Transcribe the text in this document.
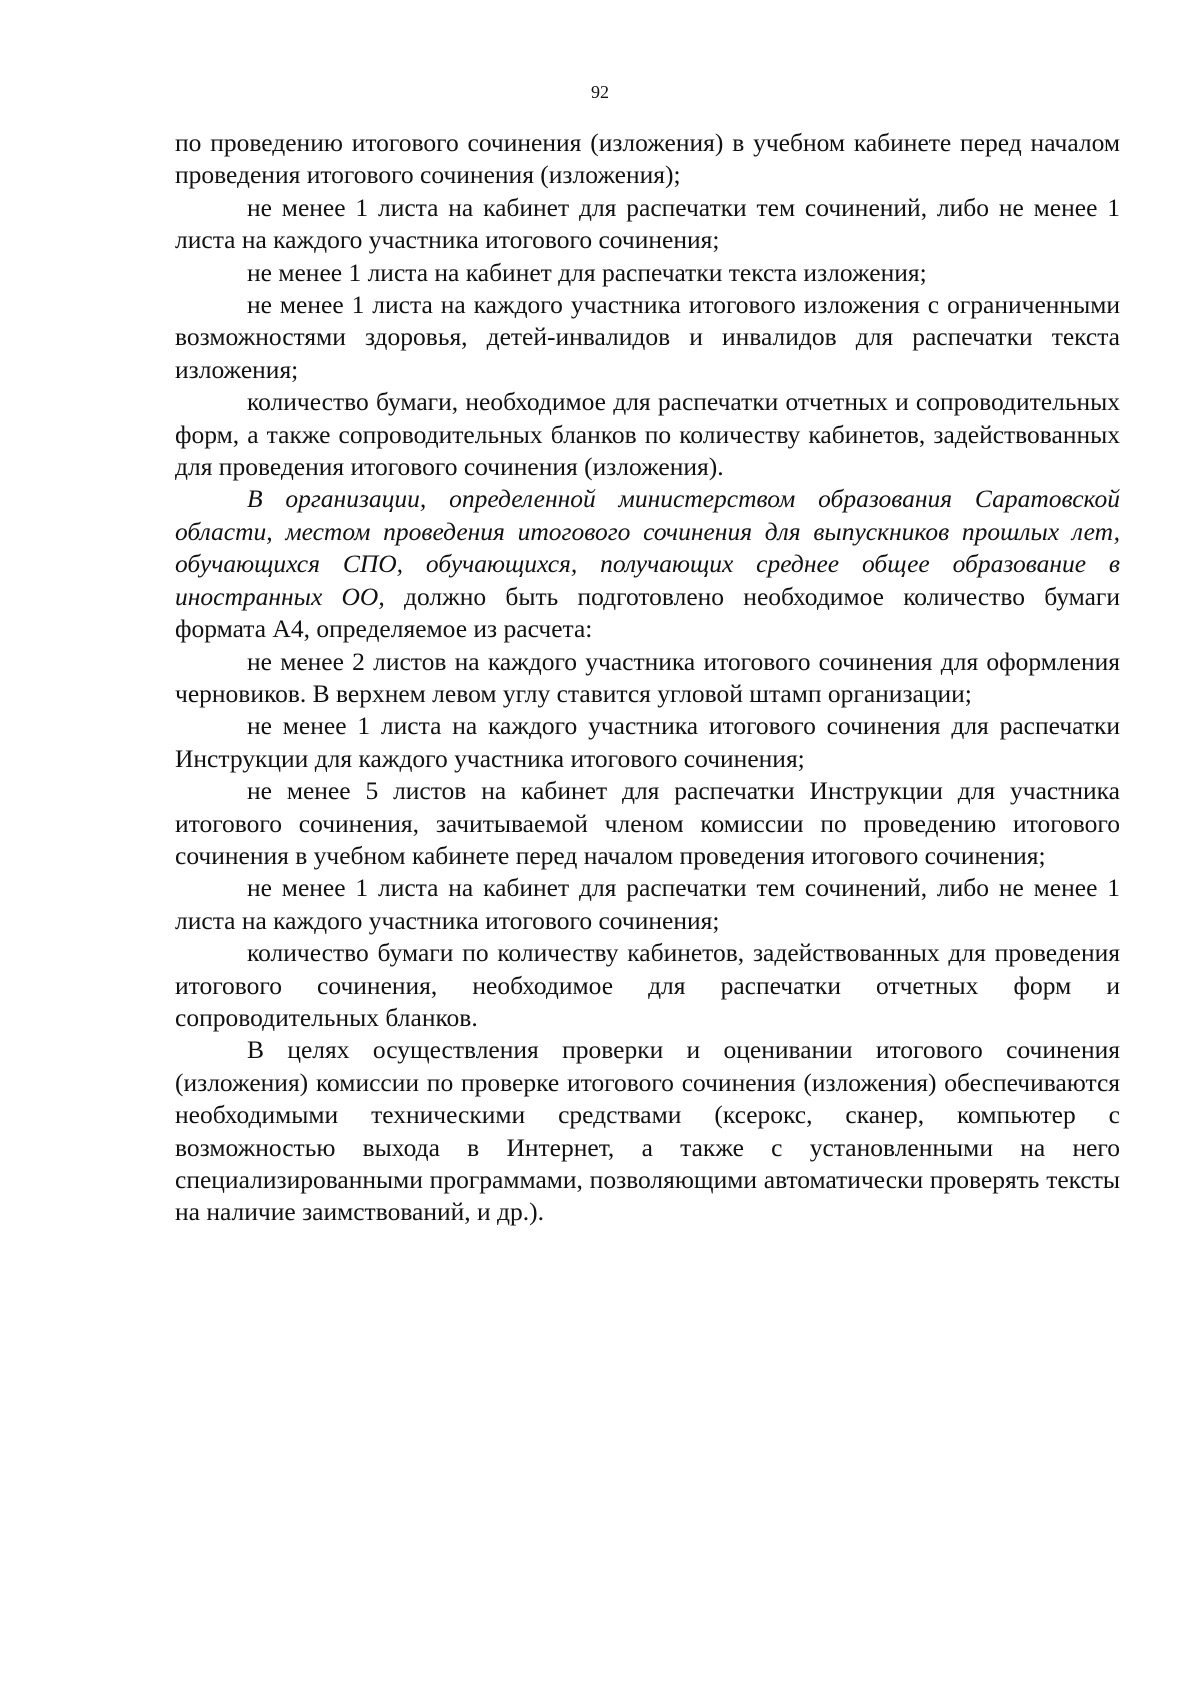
92

по проведению итогового сочинения (изложения) в учебном кабинете перед началом проведения итогового сочинения (изложения);

не менее 1 листа на кабинет для распечатки тем сочинений, либо не менее 1 листа на каждого участника итогового сочинения;

не менее 1 листа на кабинет для распечатки текста изложения;

не менее 1 листа на каждого участника итогового изложения с ограниченными возможностями здоровья, детей-инвалидов и инвалидов для распечатки текста изложения;

количество бумаги, необходимое для распечатки отчетных и сопроводительных форм, а также сопроводительных бланков по количеству кабинетов, задействованных для проведения итогового сочинения (изложения).

В организации, определенной министерством образования Саратовской области, местом проведения итогового сочинения для выпускников прошлых лет, обучающихся СПО, обучающихся, получающих среднее общее образование в иностранных ОО, должно быть подготовлено необходимое количество бумаги формата А4, определяемое из расчета:

не менее 2 листов на каждого участника итогового сочинения для оформления черновиков. В верхнем левом углу ставится угловой штамп организации;

не менее 1 листа на каждого участника итогового сочинения для распечатки Инструкции для каждого участника итогового сочинения;

не менее 5 листов на кабинет для распечатки Инструкции для участника итогового сочинения, зачитываемой членом комиссии по проведению итогового сочинения в учебном кабинете перед началом проведения итогового сочинения;

не менее 1 листа на кабинет для распечатки тем сочинений, либо не менее 1 листа на каждого участника итогового сочинения;

количество бумаги по количеству кабинетов, задействованных для проведения итогового сочинения, необходимое для распечатки отчетных форм и сопроводительных бланков.

В целях осуществления проверки и оценивании итогового сочинения (изложения) комиссии по проверке итогового сочинения (изложения) обеспечиваются необходимыми техническими средствами (ксерокс, сканер, компьютер с возможностью выхода в Интернет, а также с установленными на него специализированными программами, позволяющими автоматически проверять тексты на наличие заимствований, и др.).
